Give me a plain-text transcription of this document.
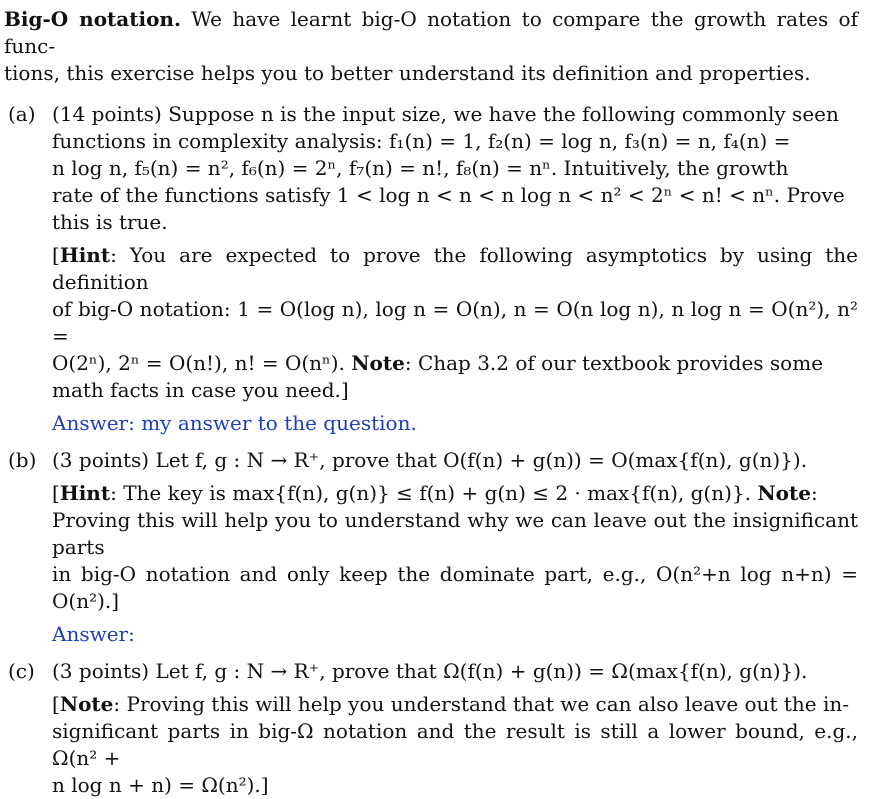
Big-O notation. We have learnt big-O notation to compare the growth rates of func-
tions, this exercise helps you to better understand its definition and properties.

(a) (14 points) Suppose n is the input size, we have the following commonly seen
functions in complexity analysis: f₁(n) = 1, f₂(n) = log n, f₃(n) = n, f₄(n) =
n log n, f₅(n) = n², f₆(n) = 2ⁿ, f₇(n) = n!, f₈(n) = nⁿ. Intuitively, the growth
rate of the functions satisfy 1 < log n < n < n log n < n² < 2ⁿ < n! < nⁿ. Prove
this is true.
[Hint: You are expected to prove the following asymptotics by using the definition
of big-O notation: 1 = O(log n), log n = O(n), n = O(n log n), n log n = O(n²), n² =
O(2ⁿ), 2ⁿ = O(n!), n! = O(nⁿ). Note: Chap 3.2 of our textbook provides some
math facts in case you need.]
Answer: my answer to the question.
(b) (3 points) Let f, g : N → R⁺, prove that O(f(n) + g(n)) = O(max{f(n), g(n)}).
[Hint: The key is max{f(n), g(n)} ≤ f(n) + g(n) ≤ 2 · max{f(n), g(n)}. Note:
Proving this will help you to understand why we can leave out the insignificant parts
in big-O notation and only keep the dominate part, e.g., O(n²+n log n+n) = O(n²).]
Answer:
(c) (3 points) Let f, g : N → R⁺, prove that Ω(f(n) + g(n)) = Ω(max{f(n), g(n)}).
[Note: Proving this will help you understand that we can also leave out the in-
significant parts in big-Ω notation and the result is still a lower bound, e.g., Ω(n² +
n log n + n) = Ω(n²).]
